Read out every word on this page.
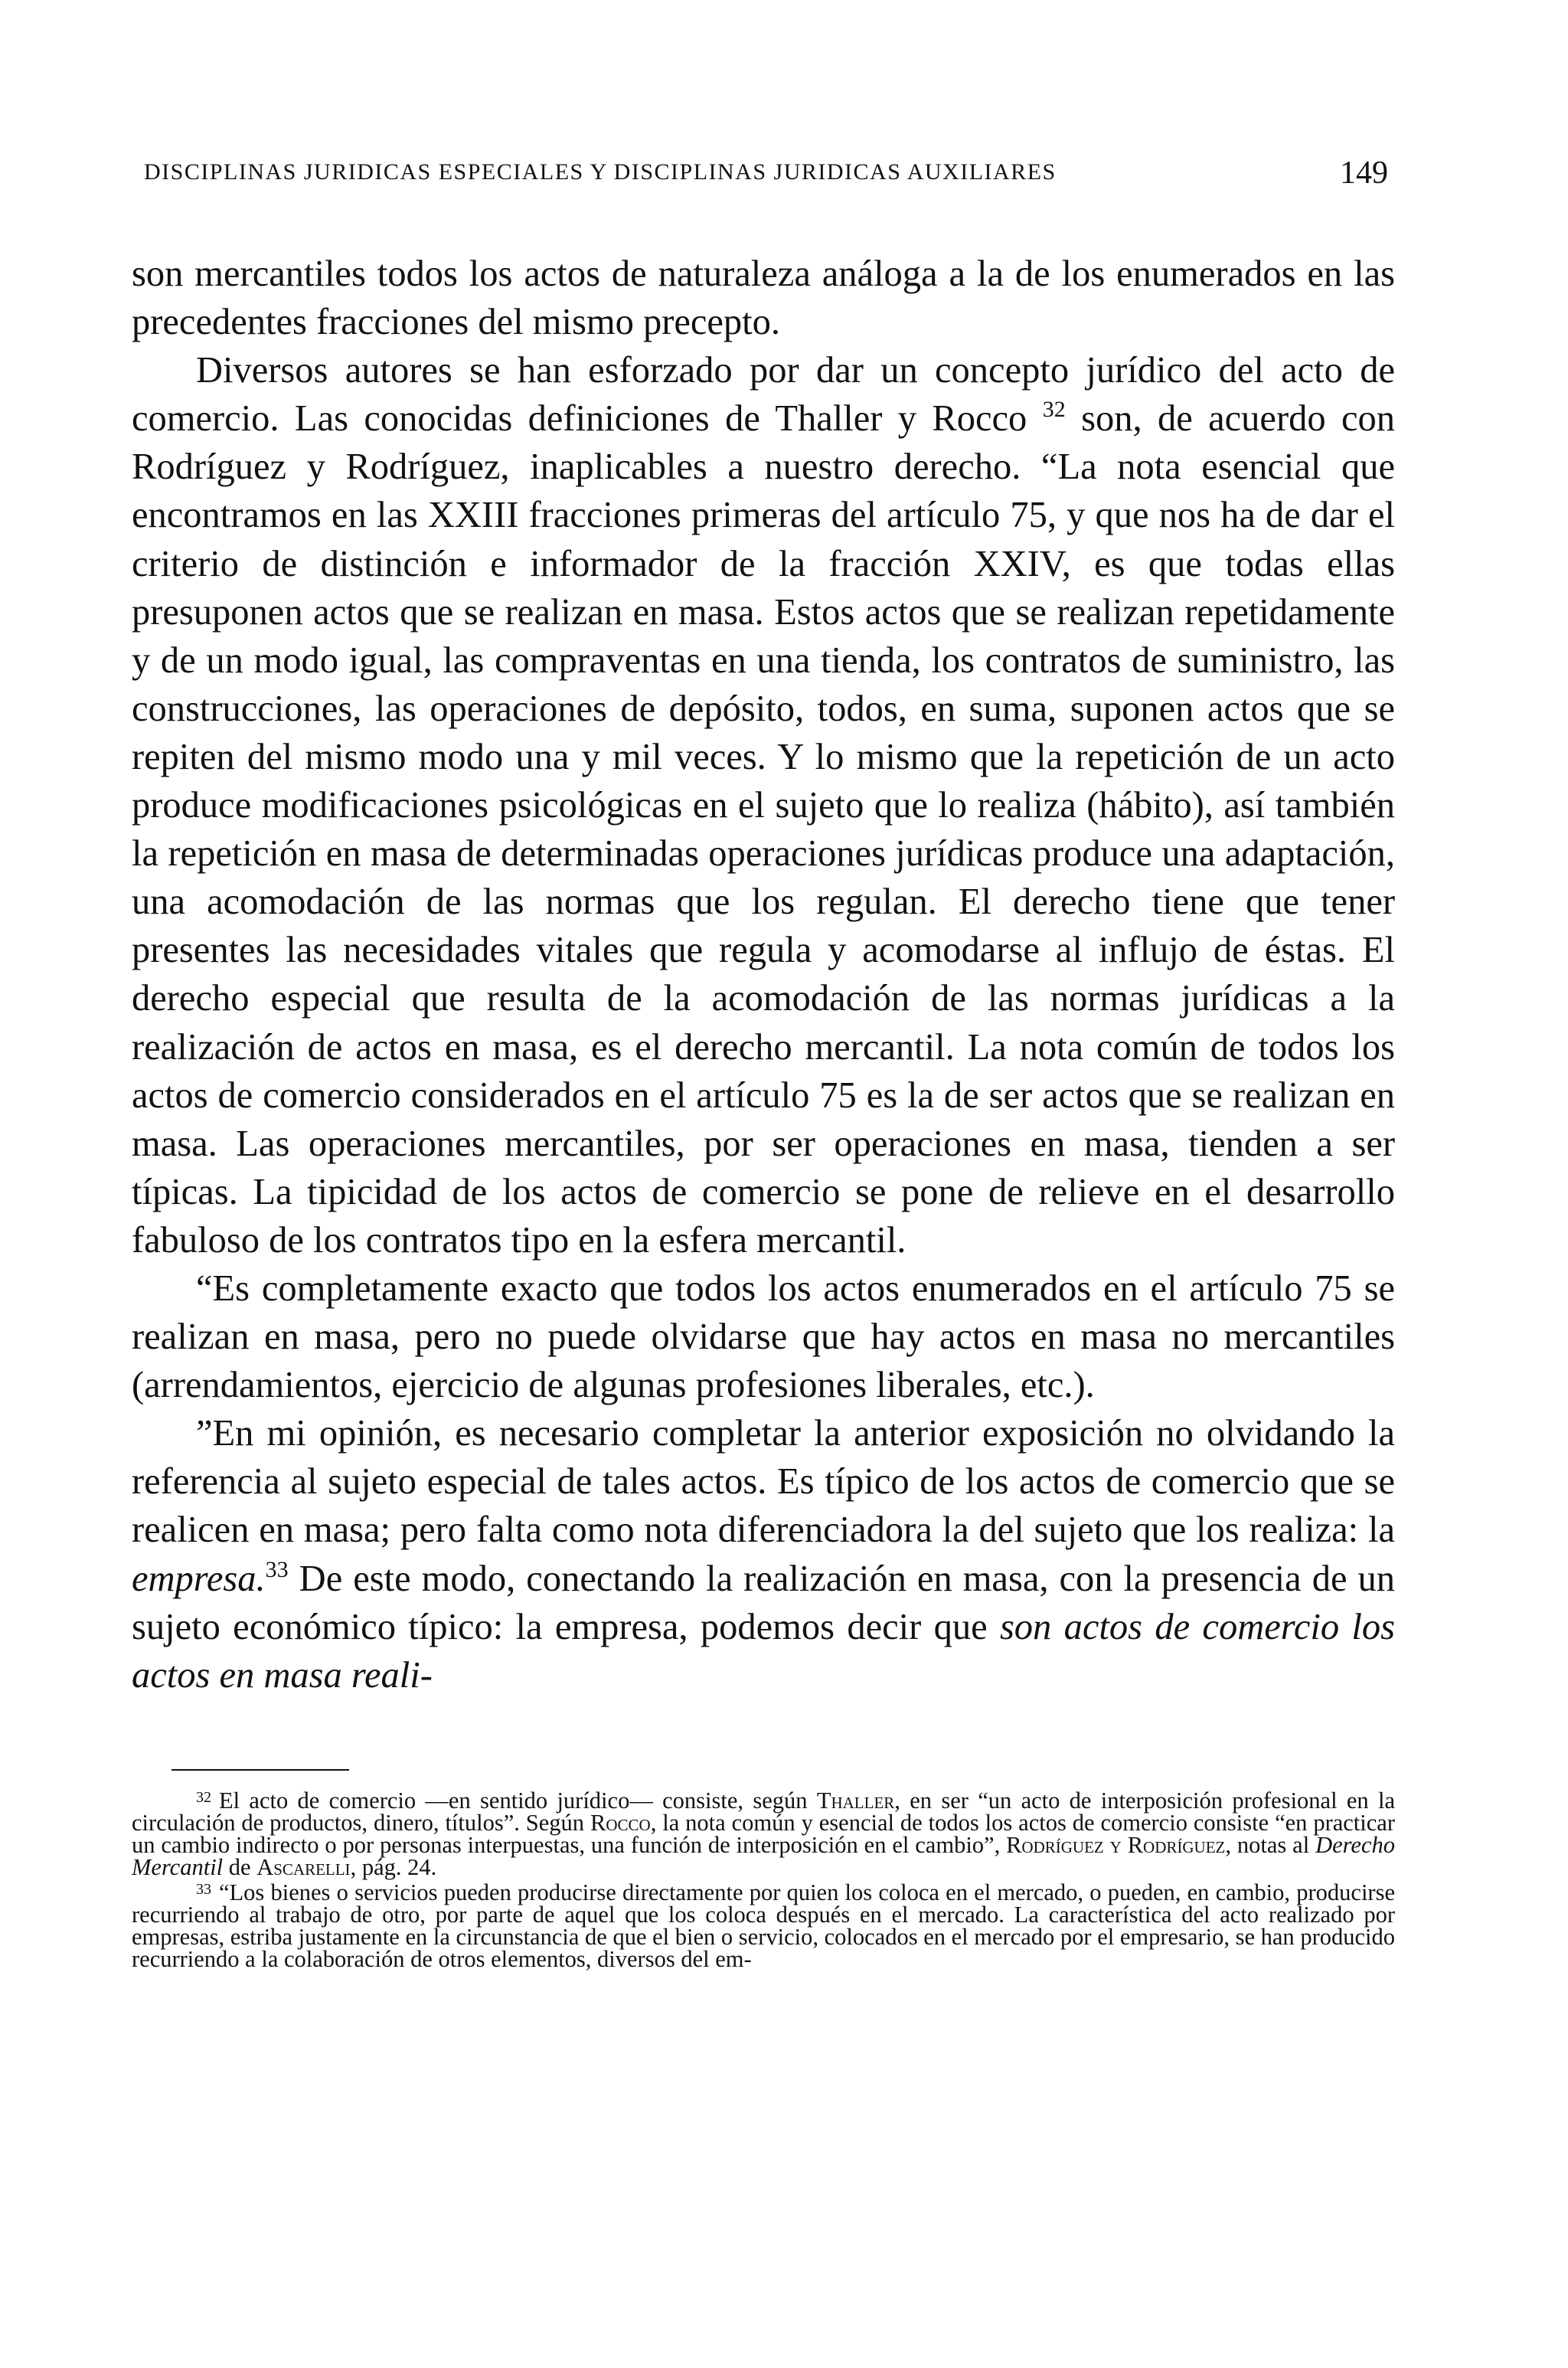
DISCIPLINAS JURIDICAS ESPECIALES Y DISCIPLINAS JURIDICAS AUXILIARES	149

son mercantiles todos los actos de naturaleza análoga a la de los enumerados en las precedentes fracciones del mismo precepto.

Diversos autores se han esforzado por dar un concepto jurídico del acto de comercio. Las conocidas definiciones de Thaller y Rocco $^{32}$ son, de acuerdo con Rodríguez y Rodríguez, inaplicables a nuestro derecho. “La nota esencial que encontramos en las XXIII fracciones primeras del artículo 75, y que nos ha de dar el criterio de distinción e informador de la fracción XXIV, es que todas ellas presuponen actos que se realizan en masa. Estos actos que se realizan repetidamente y de un modo igual, las compraventas en una tienda, los contratos de suministro, las construcciones, las operaciones de depósito, todos, en suma, suponen actos que se repiten del mismo modo una y mil veces. Y lo mismo que la repetición de un acto produce modificaciones psicológicas en el sujeto que lo realiza (hábito), así también la repetición en masa de determinadas operaciones jurídicas produce una adaptación, una acomodación de las normas que los regulan. El derecho tiene que tener presentes las necesidades vitales que regula y acomodarse al influjo de éstas. El derecho especial que resulta de la acomodación de las normas jurídicas a la realización de actos en masa, es el derecho mercantil. La nota común de todos los actos de comercio considerados en el artículo 75 es la de ser actos que se realizan en masa. Las operaciones mercantiles, por ser operaciones en masa, tienden a ser típicas. La tipicidad de los actos de comercio se pone de relieve en el desarrollo fabuloso de los contratos tipo en la esfera mercantil.

“Es completamente exacto que todos los actos enumerados en el artículo 75 se realizan en masa, pero no puede olvidarse que hay actos en masa no mercantiles (arrendamientos, ejercicio de algunas profesiones liberales, etc.).

”En mi opinión, es necesario completar la anterior exposición no olvidando la referencia al sujeto especial de tales actos. Es típico de los actos de comercio que se realicen en masa; pero falta como nota diferenciadora la del sujeto que los realiza: la empresa.$^{33}$ De este modo, conectando la realización en masa, con la presencia de un sujeto económico típico: la empresa, podemos decir que son actos de comercio los actos en masa reali-

$^{32}$ El acto de comercio —en sentido jurídico— consiste, según Thaller, en ser “un acto de interposición profesional en la circulación de productos, dinero, títulos”. Según Rocco, la nota común y esencial de todos los actos de comercio consiste “en practicar un cambio indirecto o por personas interpuestas, una función de interposición en el cambio”, Rodríguez y Rodríguez, notas al Derecho Mercantil de Ascarelli, pág. 24.

$^{33}$ “Los bienes o servicios pueden producirse directamente por quien los coloca en el mercado, o pueden, en cambio, producirse recurriendo al trabajo de otro, por parte de aquel que los coloca después en el mercado. La característica del acto realizado por empresas, estriba justamente en la circunstancia de que el bien o servicio, colocados en el mercado por el empresario, se han producido recurriendo a la colaboración de otros elementos, diversos del em-
